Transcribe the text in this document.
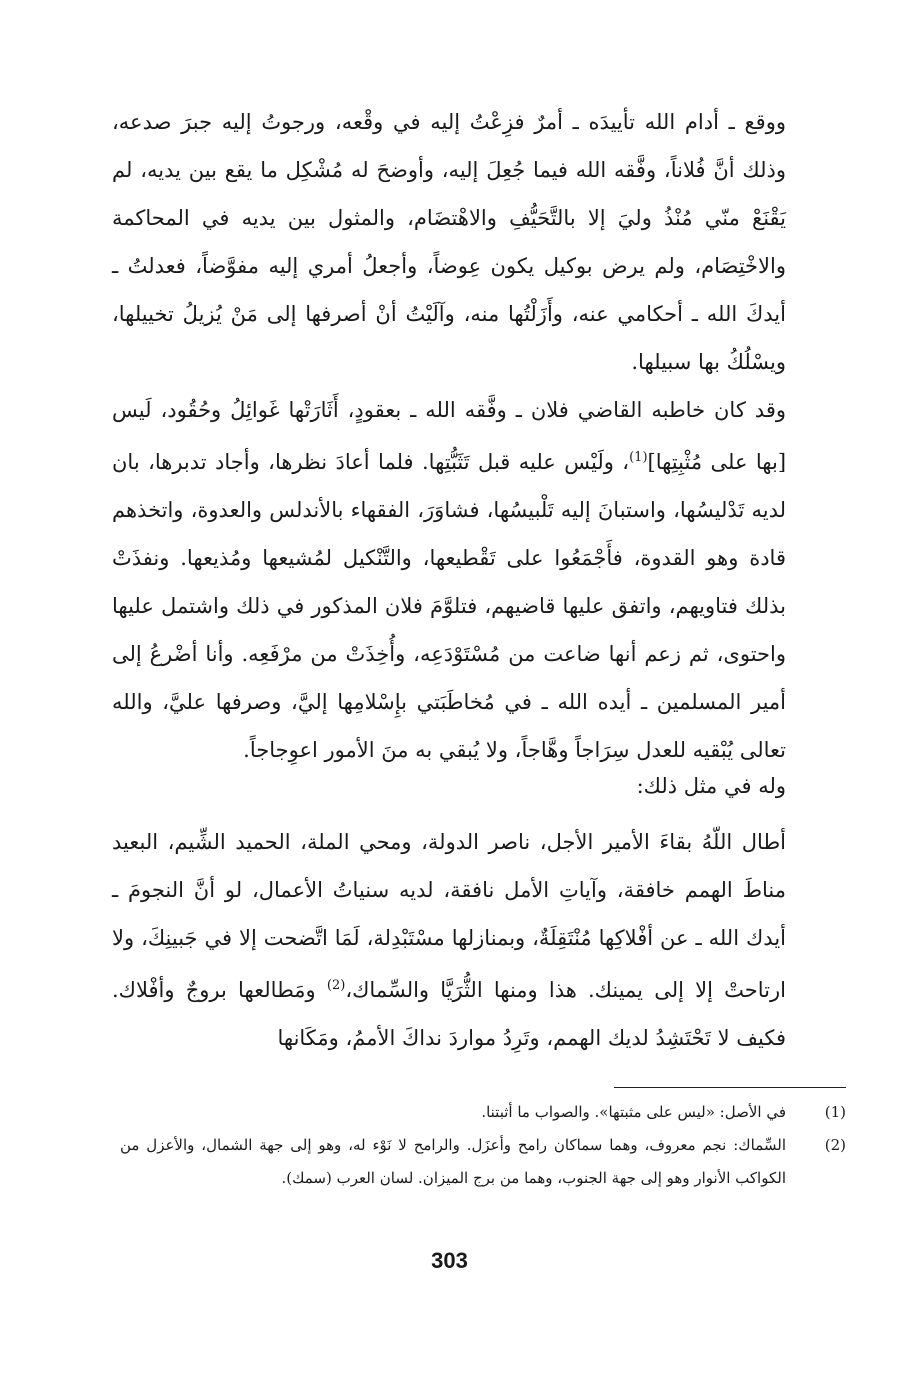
ووقع ـ أدام الله تأييدَه ـ أمرٌ فزِعْتُ إليه في وقْعه، ورجوتُ إليه جبرَ صدعه، وذلك أنَّ فُلاناً، وفَّقه الله فيما جُعِلَ إليه، وأوضحَ له مُشْكِل ما يقع بين يديه، لم يَقْنَعْ منّي مُنْذُ وليَ إلا بالتَّحَيُّفِ والاهْتضَام، والمثول بين يديه في المحاكمة والاخْتِصَام، ولم يرض بوكيل يكون عِوضاً، وأجعلُ أمري إليه مفوَّضاً، فعدلتُ ـ أيدكَ الله ـ أحكامي عنه، وأَزَلْتُها منه، وآلَيْتُ أنْ أصرفها إلى مَنْ يُزيلُ تخييلها، ويسْلُكُ بها سبيلها.

وقد كان خاطبه القاضي فلان ـ وفَّقه الله ـ بعقودٍ، أَثَارَتْها غَوائِلُ وحُقُود، لَيس [بها على مُثْبِتِها]$^{(1)}$، ولَيْس عليه قبل تَثَبُّتِها. فلما أعادَ نظرها، وأجاد تدبرها، بان لديه تَدْليسُها، واستبانَ إليه تَلْبيسُها، فشاوَرَ، الفقهاء بالأندلس والعدوة، واتخذهم قادة وهو القدوة، فأَجْمَعُوا على تَقْطيعها، والتَّنْكيل لمُشيعها ومُذيعها. ونفذَتْ بذلك فتاويهم، واتفق عليها قاضيهم، فتلوَّمَ فلان المذكور في ذلك واشتمل عليها واحتوى، ثم زعم أنها ضاعت من مُسْتَوْدَعِه، وأُخِذَتْ من مرْفَعِه. وأنا أضْرعُ إلى أمير المسلمين ـ أيده الله ـ في مُخاطَبَتي بإِسْلامِها إليَّ، وصرفها عليَّ، والله تعالى يُبْقيه للعدل سِرَاجاً وهَّاجاً، ولا يُبقي به منَ الأمور اعوِجاجاً.

وله في مثل ذلك:

أطال اللّهُ بقاءَ الأمير الأجل، ناصر الدولة، ومحي الملة، الحميد الشِّيم، البعيد مناطَ الهمم خافقة، وآياتِ الأمل نافقة، لديه سنياتُ الأعمال، لو أنَّ النجومَ ـ أيدك الله ـ عن أفْلاكِها مُنْتَقِلَةٌ، وبمنازلها مسْتَبْدِلة، لَمَا اتَّضحت إلا في جَبينِكَ، ولا ارتاحتْ إلا إلى يمينك. هذا ومنها الثُّرَيَّا والسِّماك،$^{(2)}$ ومَطالعها بروجٌ وأفْلاك. فكيف لا تَحْتَشِدُ لديك الهمم، وتَرِدُ مواردَ نداكَ الأممُ، ومَكَانها

(1)
في الأصل: «ليس على مثبتها». والصواب ما أثبتنا.
(2)
السِّماك: نجم معروف، وهما سماكان رامح وأعزَل. والرامح لا نَوْء له، وهو إلى جهة الشمال، والأعزل من الكواكب الأنوار وهو إلى جهة الجنوب، وهما من برج الميزان. لسان العرب (سمك).
303
